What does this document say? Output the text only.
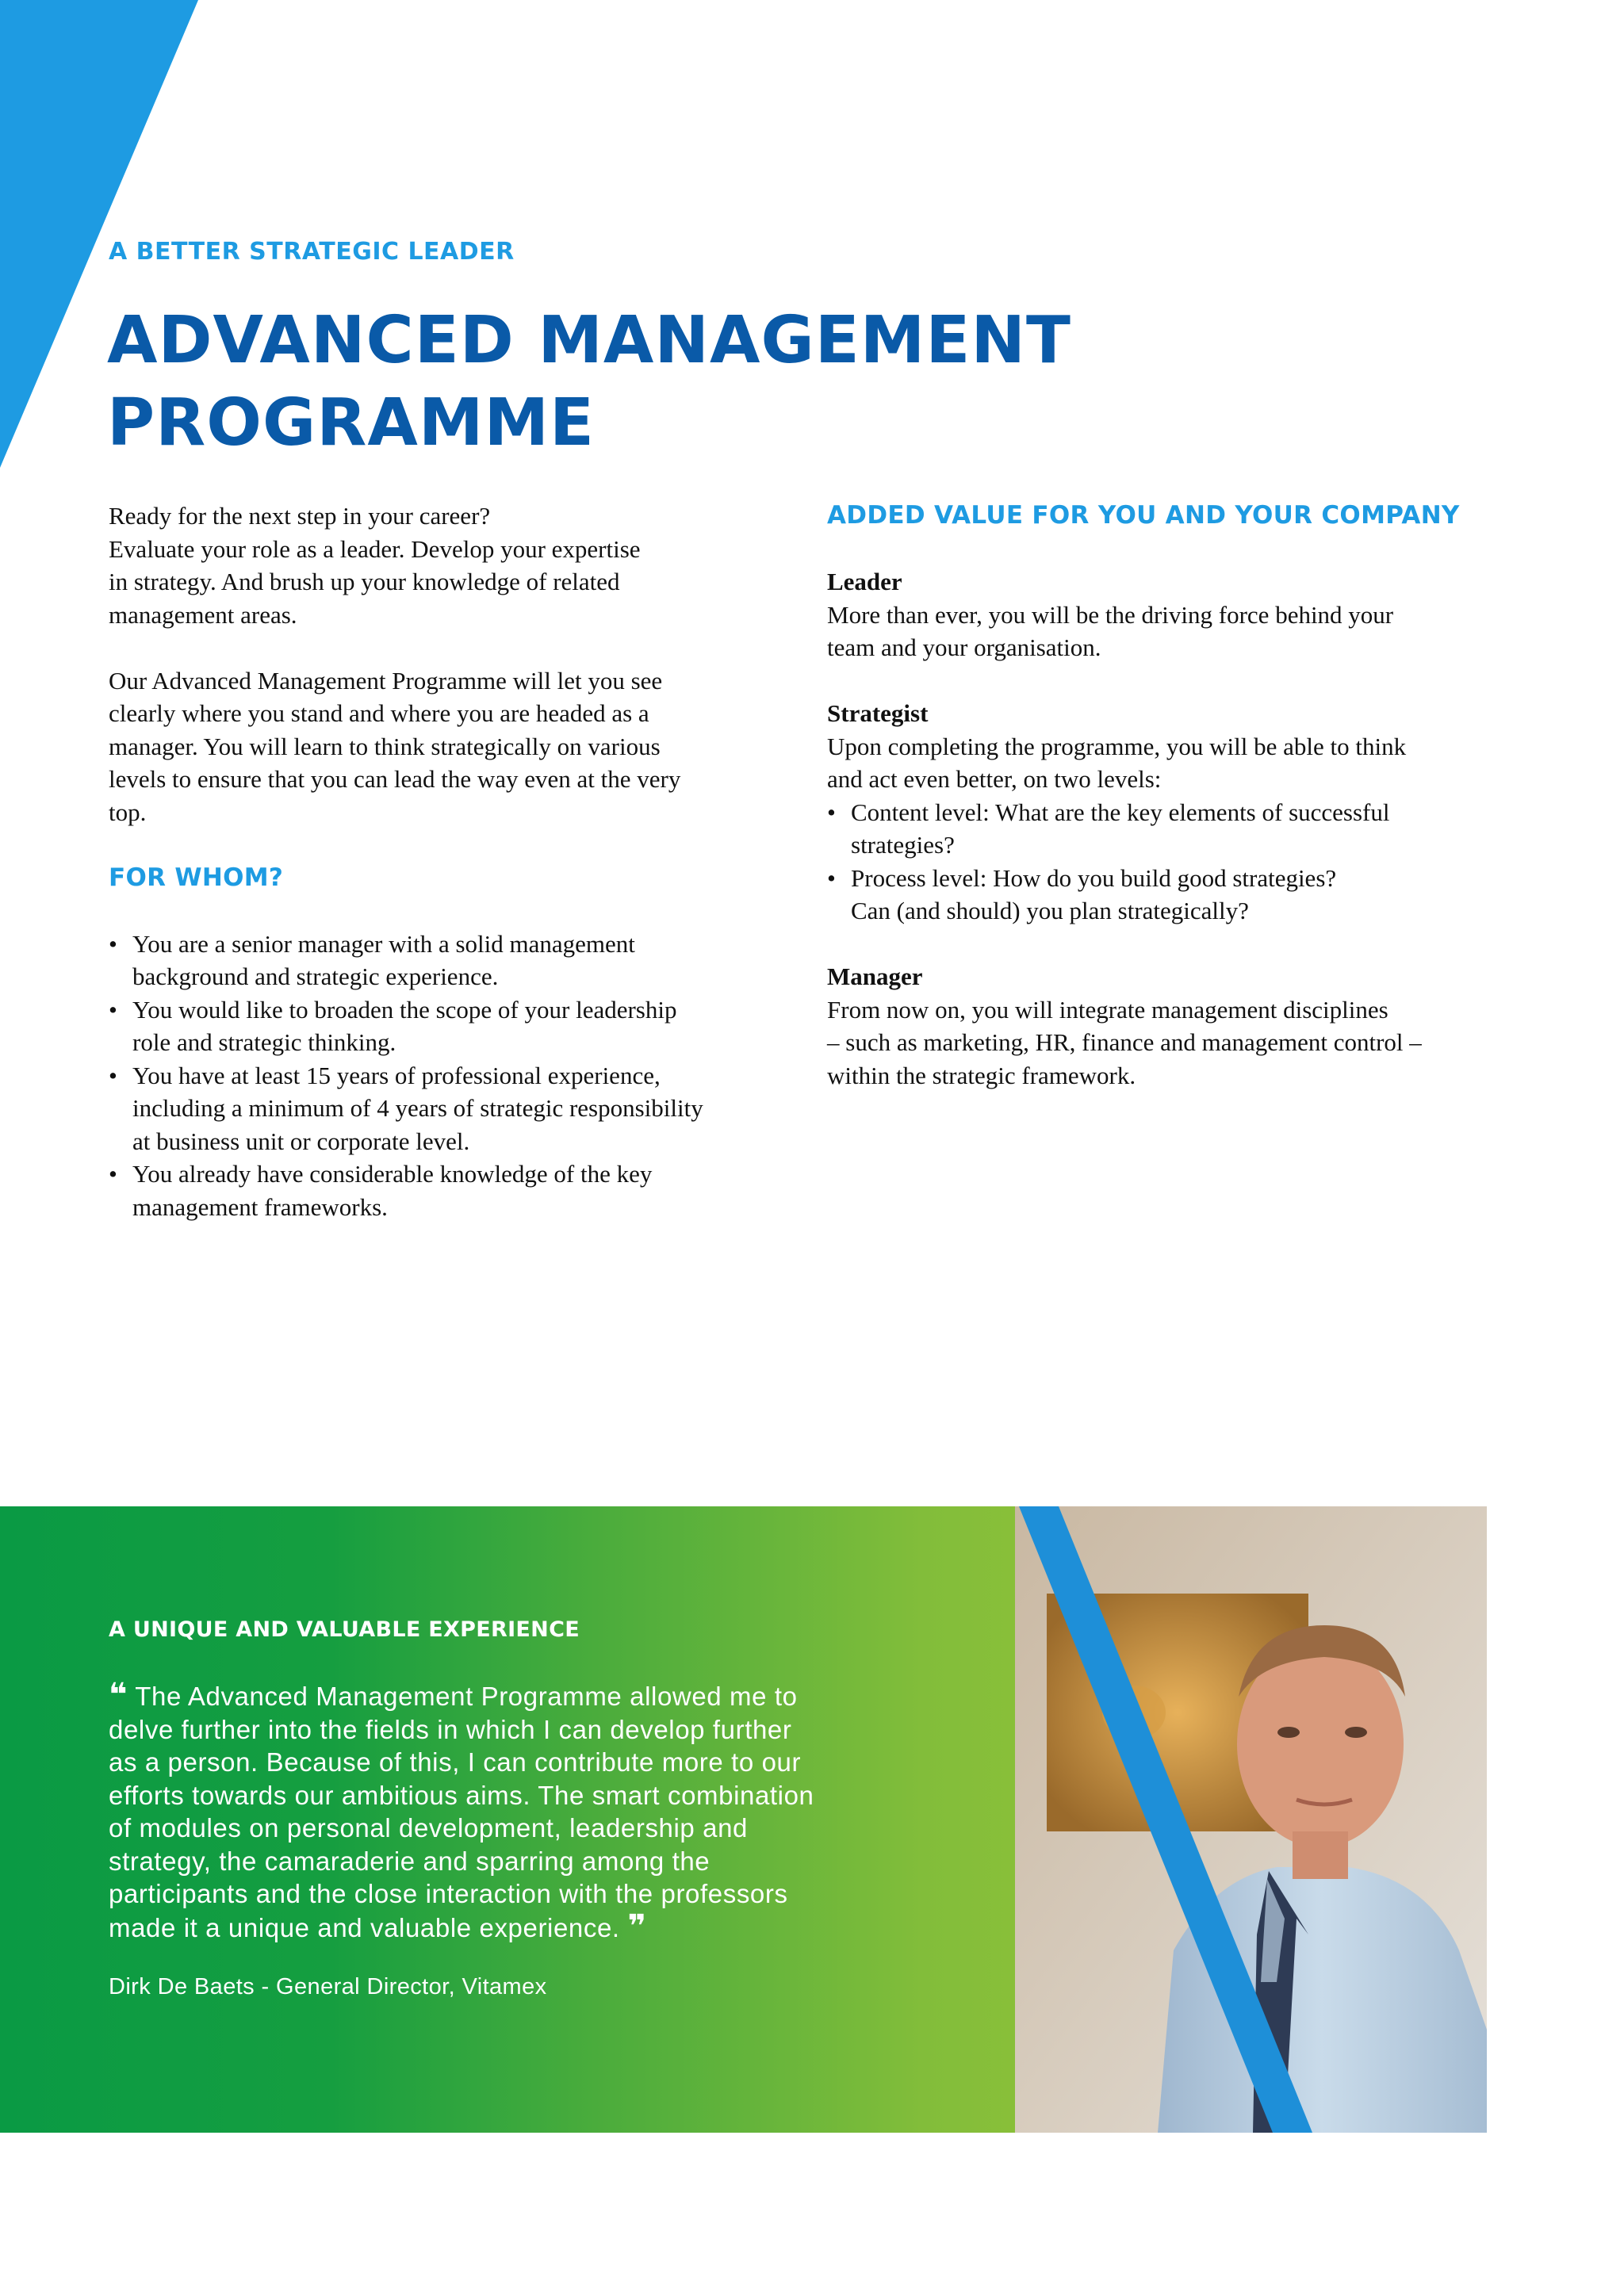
A BETTER STRATEGIC LEADER
ADVANCED MANAGEMENT
PROGRAMME

Ready for the next step in your career?
Evaluate your role as a leader. Develop your expertise
in strategy. And brush up your knowledge of related
management areas.

Our Advanced Management Programme will let you see
clearly where you stand and where you are headed as a
manager. You will learn to think strategically on various
levels to ensure that you can lead the way even at the very
top.

FOR WHOM?
• You are a senior manager with a solid management
background and strategic experience.
• You would like to broaden the scope of your leadership
role and strategic thinking.
• You have at least 15 years of professional experience,
including a minimum of 4 years of strategic responsibility
at business unit or corporate level.
• You already have considerable knowledge of the key
management frameworks.
ADDED VALUE FOR YOU AND YOUR COMPANY
Leader
More than ever, you will be the driving force behind your
team and your organisation.
Strategist
Upon completing the programme, you will be able to think
and act even better, on two levels:
• Content level: What are the key elements of successful
strategies?
• Process level: How do you build good strategies?
Can (and should) you plan strategically?
Manager
From now on, you will integrate management disciplines
– such as marketing, HR, finance and management control –
within the strategic framework.
A UNIQUE AND VALUABLE EXPERIENCE
❝ The Advanced Management Programme allowed me to
delve further into the fields in which I can develop further
as a person. Because of this, I can contribute more to our
efforts towards our ambitious aims. The smart combination
of modules on personal development, leadership and
strategy, the camaraderie and sparring among the
participants and the close interaction with the professors
made it a unique and valuable experience. ❞
Dirk De Baets - General Director, Vitamex
